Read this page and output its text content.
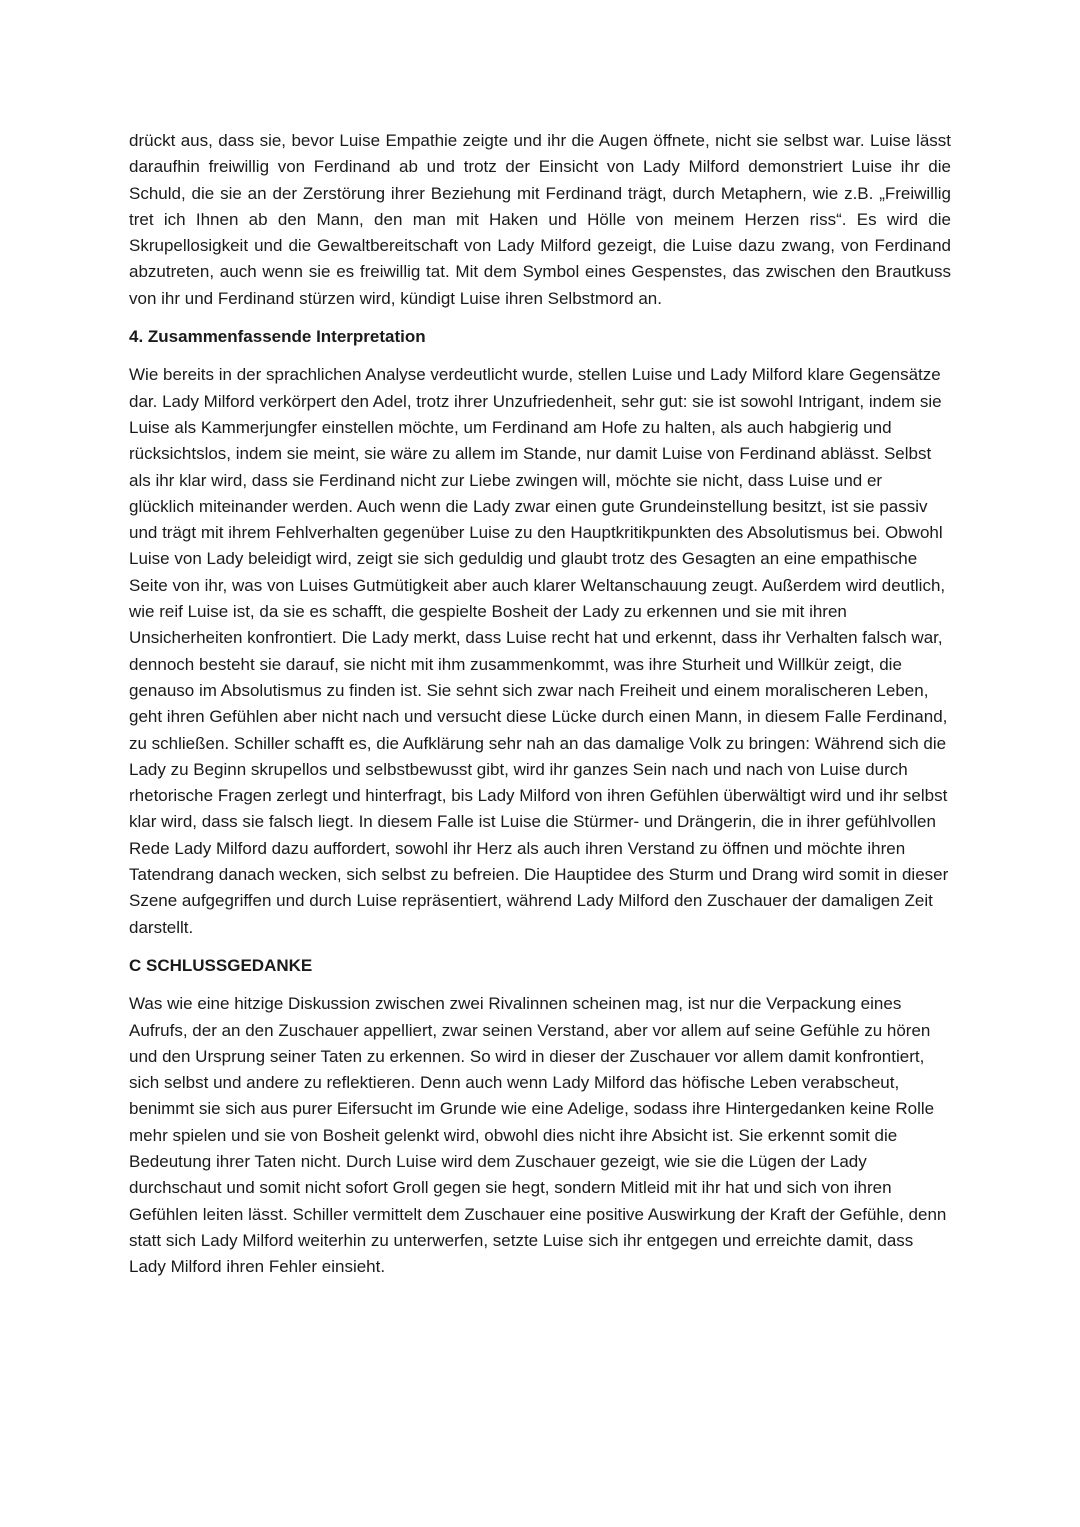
drückt aus, dass sie, bevor Luise Empathie zeigte und ihr die Augen öffnete, nicht sie selbst war. Luise lässt daraufhin freiwillig von Ferdinand ab und trotz der Einsicht von Lady Milford demonstriert Luise ihr die Schuld, die sie an der Zerstörung ihrer Beziehung mit Ferdinand trägt, durch Metaphern, wie z.B. „Freiwillig tret ich Ihnen ab den Mann, den man mit Haken und Hölle von meinem Herzen riss“. Es wird die Skrupellosigkeit und die Gewaltbereitschaft von Lady Milford gezeigt, die Luise dazu zwang, von Ferdinand abzutreten, auch wenn sie es freiwillig tat. Mit dem Symbol eines Gespenstes, das zwischen den Brautkuss von ihr und Ferdinand stürzen wird, kündigt Luise ihren Selbstmord an.

4. Zusammenfassende Interpretation

Wie bereits in der sprachlichen Analyse verdeutlicht wurde, stellen Luise und Lady Milford klare Gegensätze dar. Lady Milford verkörpert den Adel, trotz ihrer Unzufriedenheit, sehr gut: sie ist sowohl Intrigant, indem sie Luise als Kammerjungfer einstellen möchte, um Ferdinand am Hofe zu halten, als auch habgierig und rücksichtslos, indem sie meint, sie wäre zu allem im Stande, nur damit Luise von Ferdinand ablässt. Selbst als ihr klar wird, dass sie Ferdinand nicht zur Liebe zwingen will, möchte sie nicht, dass Luise und er glücklich miteinander werden. Auch wenn die Lady zwar einen gute Grundeinstellung besitzt, ist sie passiv und trägt mit ihrem Fehlverhalten gegenüber Luise zu den Hauptkritikpunkten des Absolutismus bei. Obwohl Luise von Lady beleidigt wird, zeigt sie sich geduldig und glaubt trotz des Gesagten an eine empathische Seite von ihr, was von Luises Gutmütigkeit aber auch klarer Weltanschauung zeugt. Außerdem wird deutlich, wie reif Luise ist, da sie es schafft, die gespielte Bosheit der Lady zu erkennen und sie mit ihren Unsicherheiten konfrontiert. Die Lady merkt, dass Luise recht hat und erkennt, dass ihr Verhalten falsch war, dennoch besteht sie darauf, sie nicht mit ihm zusammenkommt, was ihre Sturheit und Willkür zeigt, die genauso im Absolutismus zu finden ist. Sie sehnt sich zwar nach Freiheit und einem moralischeren Leben, geht ihren Gefühlen aber nicht nach und versucht diese Lücke durch einen Mann, in diesem Falle Ferdinand, zu schließen. Schiller schafft es, die Aufklärung sehr nah an das damalige Volk zu bringen: Während sich die Lady zu Beginn skrupellos und selbstbewusst gibt, wird ihr ganzes Sein nach und nach von Luise durch rhetorische Fragen zerlegt und hinterfragt, bis Lady Milford von ihren Gefühlen überwältigt wird und ihr selbst klar wird, dass sie falsch liegt. In diesem Falle ist Luise die Stürmer- und Drängerin, die in ihrer gefühlvollen Rede Lady Milford dazu auffordert, sowohl ihr Herz als auch ihren Verstand zu öffnen und möchte ihren Tatendrang danach wecken, sich selbst zu befreien. Die Hauptidee des Sturm und Drang wird somit in dieser Szene aufgegriffen und durch Luise repräsentiert, während Lady Milford den Zuschauer der damaligen Zeit darstellt.

C SCHLUSSGEDANKE

Was wie eine hitzige Diskussion zwischen zwei Rivalinnen scheinen mag, ist nur die Verpackung eines Aufrufs, der an den Zuschauer appelliert, zwar seinen Verstand, aber vor allem auf seine Gefühle zu hören und den Ursprung seiner Taten zu erkennen. So wird in dieser der Zuschauer vor allem damit konfrontiert, sich selbst und andere zu reflektieren. Denn auch wenn Lady Milford das höfische Leben verabscheut, benimmt sie sich aus purer Eifersucht im Grunde wie eine Adelige, sodass ihre Hintergedanken keine Rolle mehr spielen und sie von Bosheit gelenkt wird, obwohl dies nicht ihre Absicht ist. Sie erkennt somit die Bedeutung ihrer Taten nicht. Durch Luise wird dem Zuschauer gezeigt, wie sie die Lügen der Lady durchschaut und somit nicht sofort Groll gegen sie hegt, sondern Mitleid mit ihr hat und sich von ihren Gefühlen leiten lässt. Schiller vermittelt dem Zuschauer eine positive Auswirkung der Kraft der Gefühle, denn statt sich Lady Milford weiterhin zu unterwerfen, setzte Luise sich ihr entgegen und erreichte damit, dass Lady Milford ihren Fehler einsieht.
